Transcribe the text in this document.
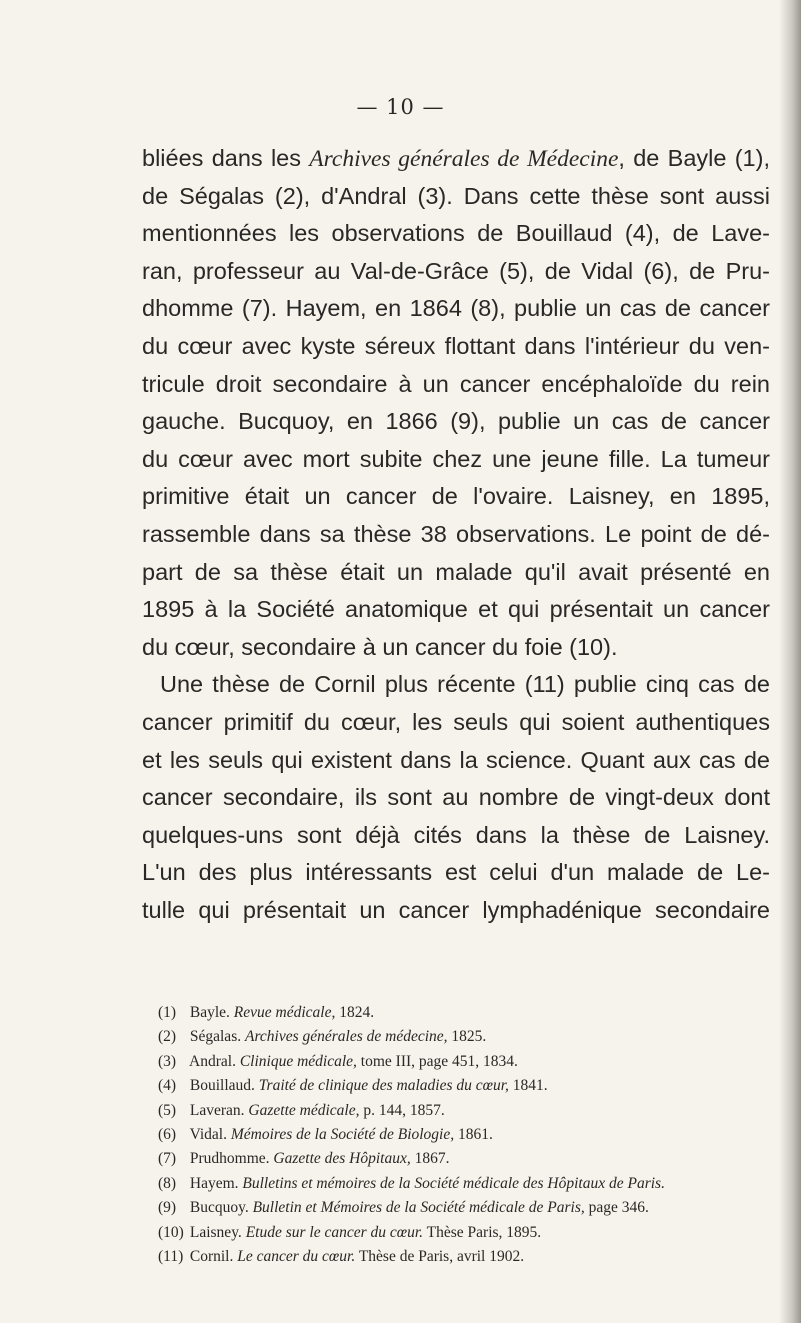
— 10 —
bliées dans les Archives générales de Médecine, de Bayle (1),
de Ségalas (2), d'Andral (3). Dans cette thèse sont aussi
mentionnées les observations de Bouillaud (4), de Lave-
ran, professeur au Val-de-Grâce (5), de Vidal (6), de Pru-
dhomme (7). Hayem, en 1864 (8), publie un cas de cancer
du cœur avec kyste séreux flottant dans l'intérieur du ven-
tricule droit secondaire à un cancer encéphaloïde du rein
gauche. Bucquoy, en 1866 (9), publie un cas de cancer
du cœur avec mort subite chez une jeune fille. La tumeur
primitive était un cancer de l'ovaire. Laisney, en 1895,
rassemble dans sa thèse 38 observations. Le point de dé-
part de sa thèse était un malade qu'il avait présenté en
1895 à la Société anatomique et qui présentait un cancer
du cœur, secondaire à un cancer du foie (10).
Une thèse de Cornil plus récente (11) publie cinq cas de
cancer primitif du cœur, les seuls qui soient authentiques
et les seuls qui existent dans la science. Quant aux cas de
cancer secondaire, ils sont au nombre de vingt-deux dont
quelques-uns sont déjà cités dans la thèse de Laisney.
L'un des plus intéressants est celui d'un malade de Le-
tulle qui présentait un cancer lymphadénique secondaire
(1) Bayle. Revue médicale, 1824.
(2) Ségalas. Archives générales de médecine, 1825.
(3) Andral. Clinique médicale, tome III, page 451, 1834.
(4) Bouillaud. Traité de clinique des maladies du cœur, 1841.
(5) Laveran. Gazette médicale, p. 144, 1857.
(6) Vidal. Mémoires de la Société de Biologie, 1861.
(7) Prudhomme. Gazette des Hôpitaux, 1867.
(8) Hayem. Bulletins et mémoires de la Société médicale des Hôpitaux de Paris.
(9) Bucquoy. Bulletin et Mémoires de la Société médicale de Paris, page 346.
(10) Laisney. Etude sur le cancer du cœur. Thèse Paris, 1895.
(11) Cornil. Le cancer du cœur. Thèse de Paris, avril 1902.
